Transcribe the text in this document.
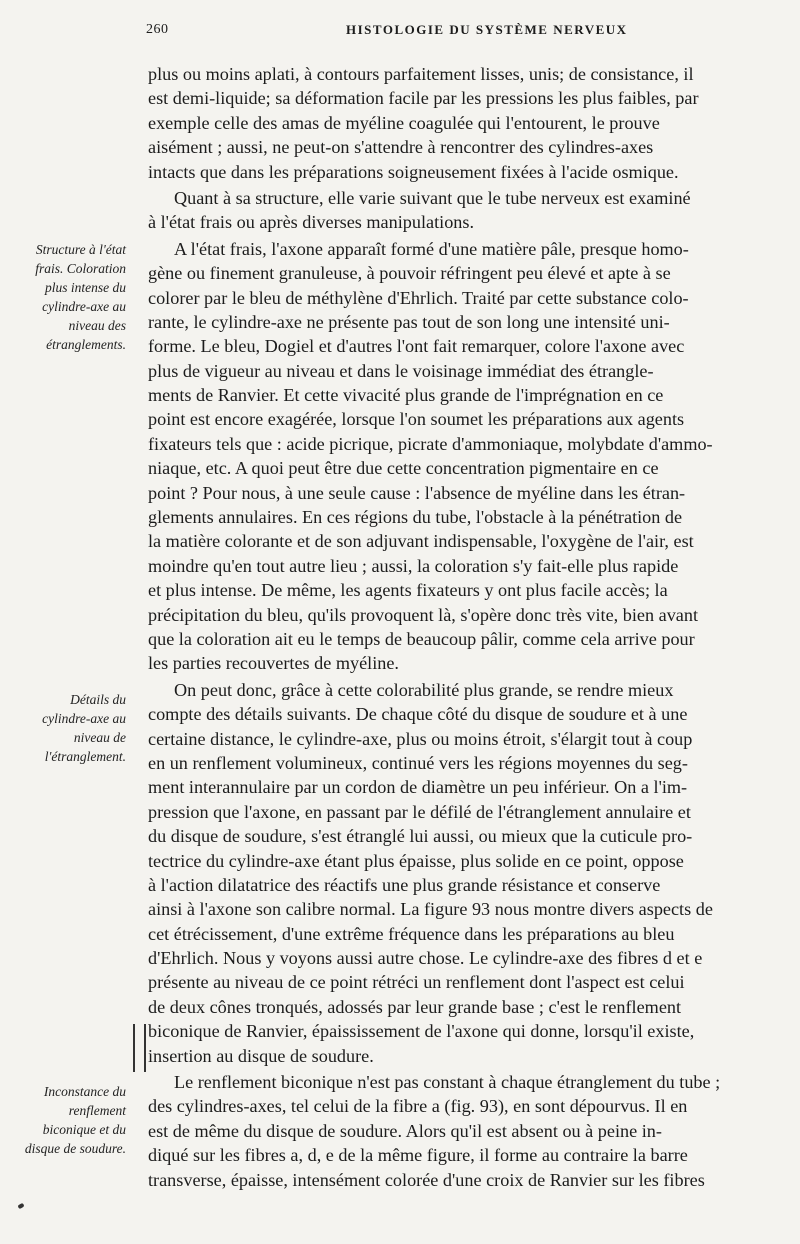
260	HISTOLOGIE DU SYSTÈME NERVEUX
Structure à l'état frais. Coloration plus intense du cylindre-axe au niveau des étranglements.
Détails du cylindre-axe au niveau de l'étranglement.
Inconstance du renflement biconique et du disque de soudure.
plus ou moins aplati, à contours parfaitement lisses, unis; de consistance, il
est demi-liquide; sa déformation facile par les pressions les plus faibles, par
exemple celle des amas de myéline coagulée qui l'entourent, le prouve
aisément ; aussi, ne peut-on s'attendre à rencontrer des cylindres-axes
intacts que dans les préparations soigneusement fixées à l'acide osmique.
Quant à sa structure, elle varie suivant que le tube nerveux est examiné
à l'état frais ou après diverses manipulations.
A l'état frais, l'axone apparaît formé d'une matière pâle, presque homo-
gène ou finement granuleuse, à pouvoir réfringent peu élevé et apte à se
colorer par le bleu de méthylène d'Ehrlich. Traité par cette substance colo-
rante, le cylindre-axe ne présente pas tout de son long une intensité uni-
forme. Le bleu, Dogiel et d'autres l'ont fait remarquer, colore l'axone avec
plus de vigueur au niveau et dans le voisinage immédiat des étrangle-
ments de Ranvier. Et cette vivacité plus grande de l'imprégnation en ce
point est encore exagérée, lorsque l'on soumet les préparations aux agents
fixateurs tels que : acide picrique, picrate d'ammoniaque, molybdate d'ammo-
niaque, etc. A quoi peut être due cette concentration pigmentaire en ce
point ? Pour nous, à une seule cause : l'absence de myéline dans les étran-
glements annulaires. En ces régions du tube, l'obstacle à la pénétration de
la matière colorante et de son adjuvant indispensable, l'oxygène de l'air, est
moindre qu'en tout autre lieu ; aussi, la coloration s'y fait-elle plus rapide
et plus intense. De même, les agents fixateurs y ont plus facile accès; la
précipitation du bleu, qu'ils provoquent là, s'opère donc très vite, bien avant
que la coloration ait eu le temps de beaucoup pâlir, comme cela arrive pour
les parties recouvertes de myéline.
On peut donc, grâce à cette colorabilité plus grande, se rendre mieux
compte des détails suivants. De chaque côté du disque de soudure et à une
certaine distance, le cylindre-axe, plus ou moins étroit, s'élargit tout à coup
en un renflement volumineux, continué vers les régions moyennes du seg-
ment interannulaire par un cordon de diamètre un peu inférieur. On a l'im-
pression que l'axone, en passant par le défilé de l'étranglement annulaire et
du disque de soudure, s'est étranglé lui aussi, ou mieux que la cuticule pro-
tectrice du cylindre-axe étant plus épaisse, plus solide en ce point, oppose
à l'action dilatatrice des réactifs une plus grande résistance et conserve
ainsi à l'axone son calibre normal. La figure 93 nous montre divers aspects de
cet étrécissement, d'une extrême fréquence dans les préparations au bleu
d'Ehrlich. Nous y voyons aussi autre chose. Le cylindre-axe des fibres d et e
présente au niveau de ce point rétréci un renflement dont l'aspect est celui
de deux cônes tronqués, adossés par leur grande base ; c'est le renflement
biconique de Ranvier, épaississement de l'axone qui donne, lorsqu'il existe,
insertion au disque de soudure.
Le renflement biconique n'est pas constant à chaque étranglement du tube ;
des cylindres-axes, tel celui de la fibre a (fig. 93), en sont dépourvus. Il en
est de même du disque de soudure. Alors qu'il est absent ou à peine in-
diqué sur les fibres a, d, e de la même figure, il forme au contraire la barre
transverse, épaisse, intensément colorée d'une croix de Ranvier sur les fibres
